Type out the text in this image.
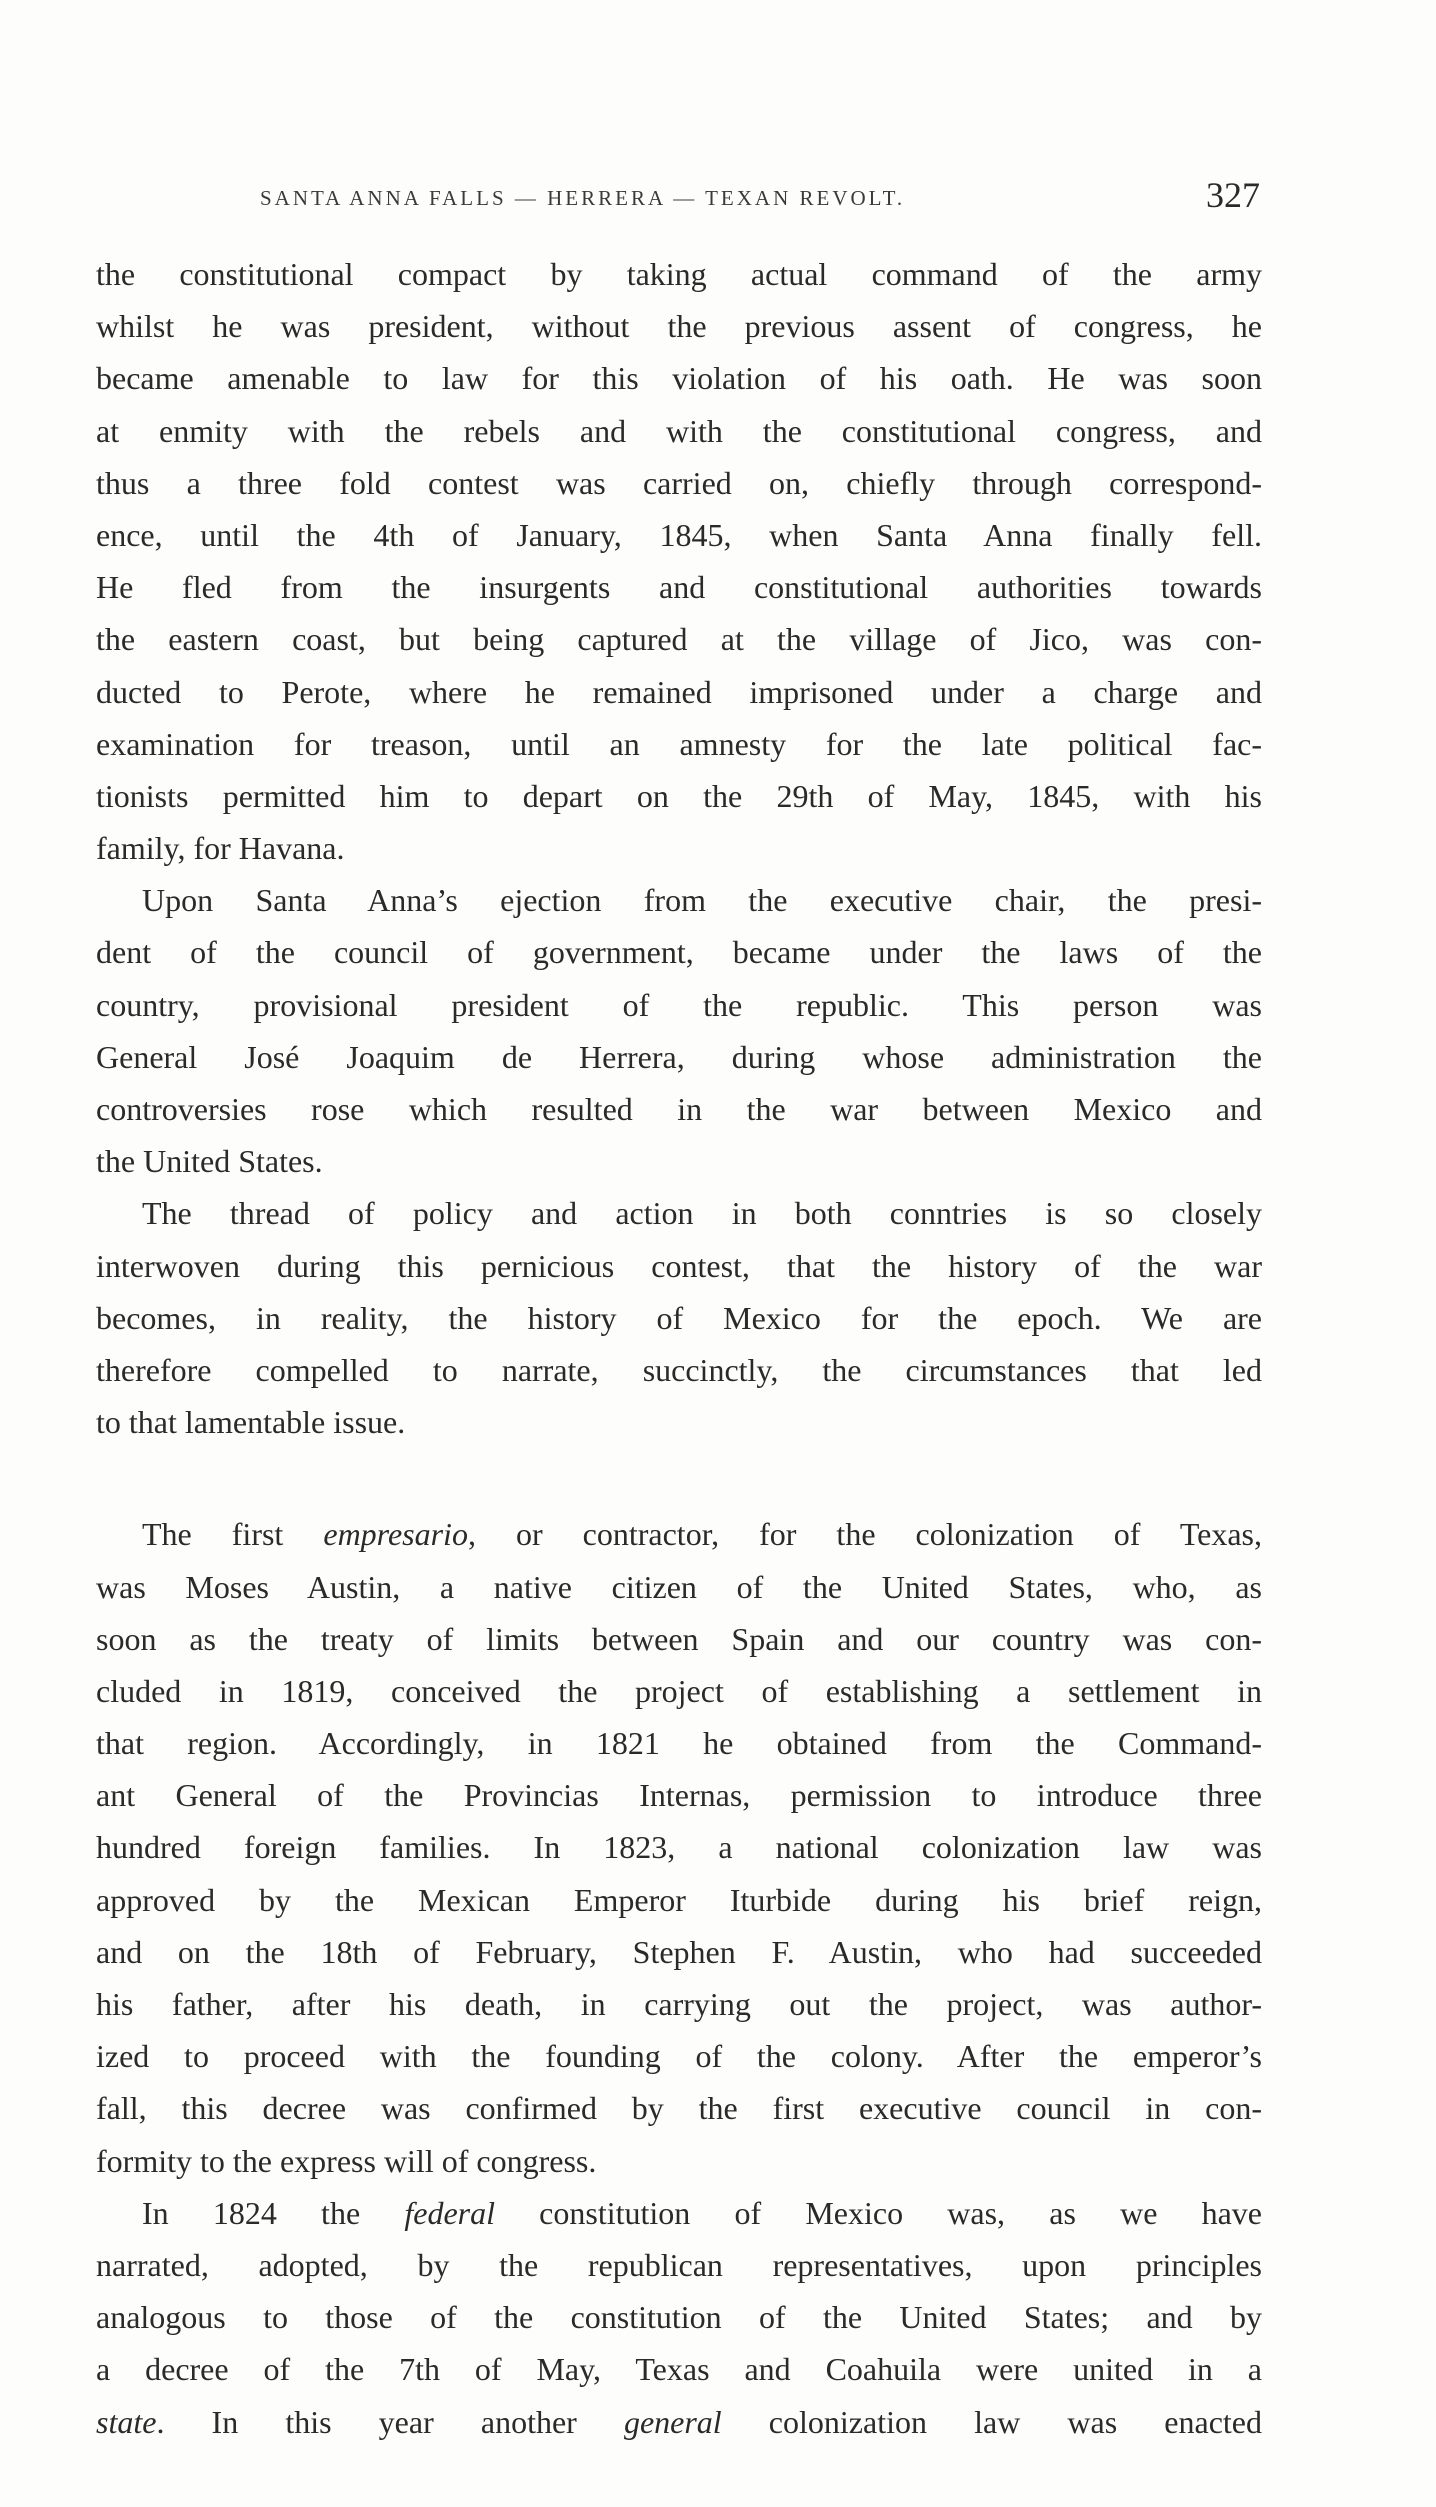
SANTA ANNA FALLS — HERRERA — TEXAN REVOLT.	327
the constitutional compact by taking actual command of the army
whilst he was president, without the previous assent of congress, he
became amenable to law for this violation of his oath. He was soon
at enmity with the rebels and with the constitutional congress, and
thus a three fold contest was carried on, chiefly through correspond-
ence, until the 4th of January, 1845, when Santa Anna finally fell.
He fled from the insurgents and constitutional authorities towards
the eastern coast, but being captured at the village of Jico, was con-
ducted to Perote, where he remained imprisoned under a charge and
examination for treason, until an amnesty for the late political fac-
tionists permitted him to depart on the 29th of May, 1845, with his
family, for Havana.
Upon Santa Anna’s ejection from the executive chair, the presi-
dent of the council of government, became under the laws of the
country, provisional president of the republic. This person was
General José Joaquim de Herrera, during whose administration the
controversies rose which resulted in the war between Mexico and
the United States.
The thread of policy and action in both conntries is so closely
interwoven during this pernicious contest, that the history of the war
becomes, in reality, the history of Mexico for the epoch. We are
therefore compelled to narrate, succinctly, the circumstances that led
to that lamentable issue.
The first empresario, or contractor, for the colonization of Texas,
was Moses Austin, a native citizen of the United States, who, as
soon as the treaty of limits between Spain and our country was con-
cluded in 1819, conceived the project of establishing a settlement in
that region. Accordingly, in 1821 he obtained from the Command-
ant General of the Provincias Internas, permission to introduce three
hundred foreign families. In 1823, a national colonization law was
approved by the Mexican Emperor Iturbide during his brief reign,
and on the 18th of February, Stephen F. Austin, who had succeeded
his father, after his death, in carrying out the project, was author-
ized to proceed with the founding of the colony. After the emperor’s
fall, this decree was confirmed by the first executive council in con-
formity to the express will of congress.
In 1824 the federal constitution of Mexico was, as we have
narrated, adopted, by the republican representatives, upon principles
analogous to those of the constitution of the United States; and by
a decree of the 7th of May, Texas and Coahuila were united in a
state. In this year another general colonization law was enacted
